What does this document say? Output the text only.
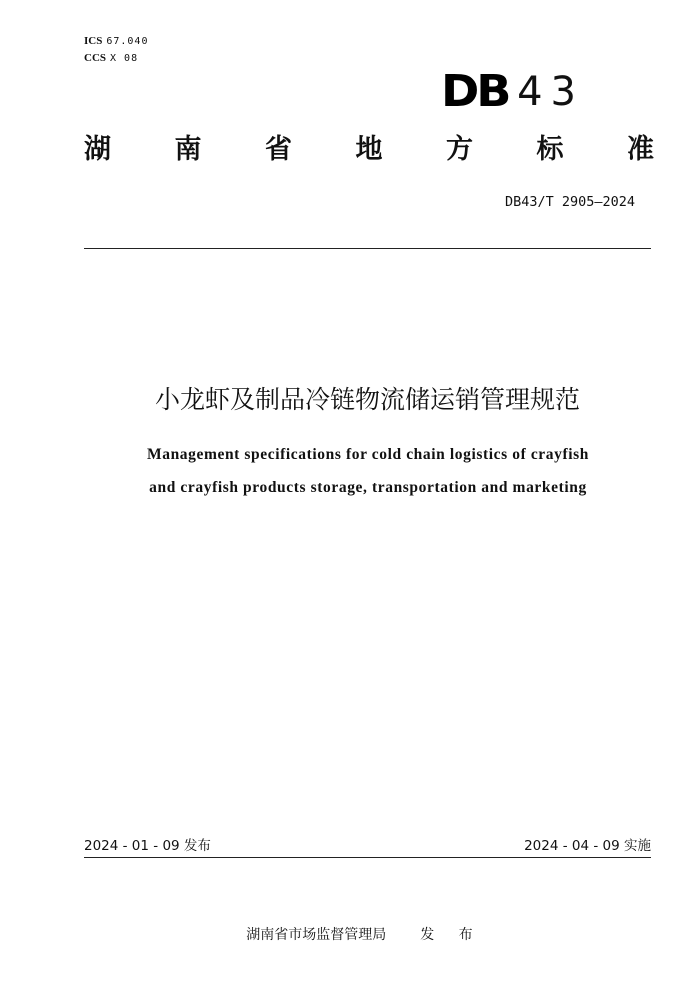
ICS 67.040
CCS X 08
DB 43
湖 南 省 地 方 标 准
DB43/T 2905—2024
小龙虾及制品冷链物流储运销管理规范
Management specifications for cold chain logistics of crayfish
and crayfish products storage, transportation and marketing
2024 - 01 - 09 发布	2024 - 04 - 09 实施

湖南省市场监督管理局 发 布
